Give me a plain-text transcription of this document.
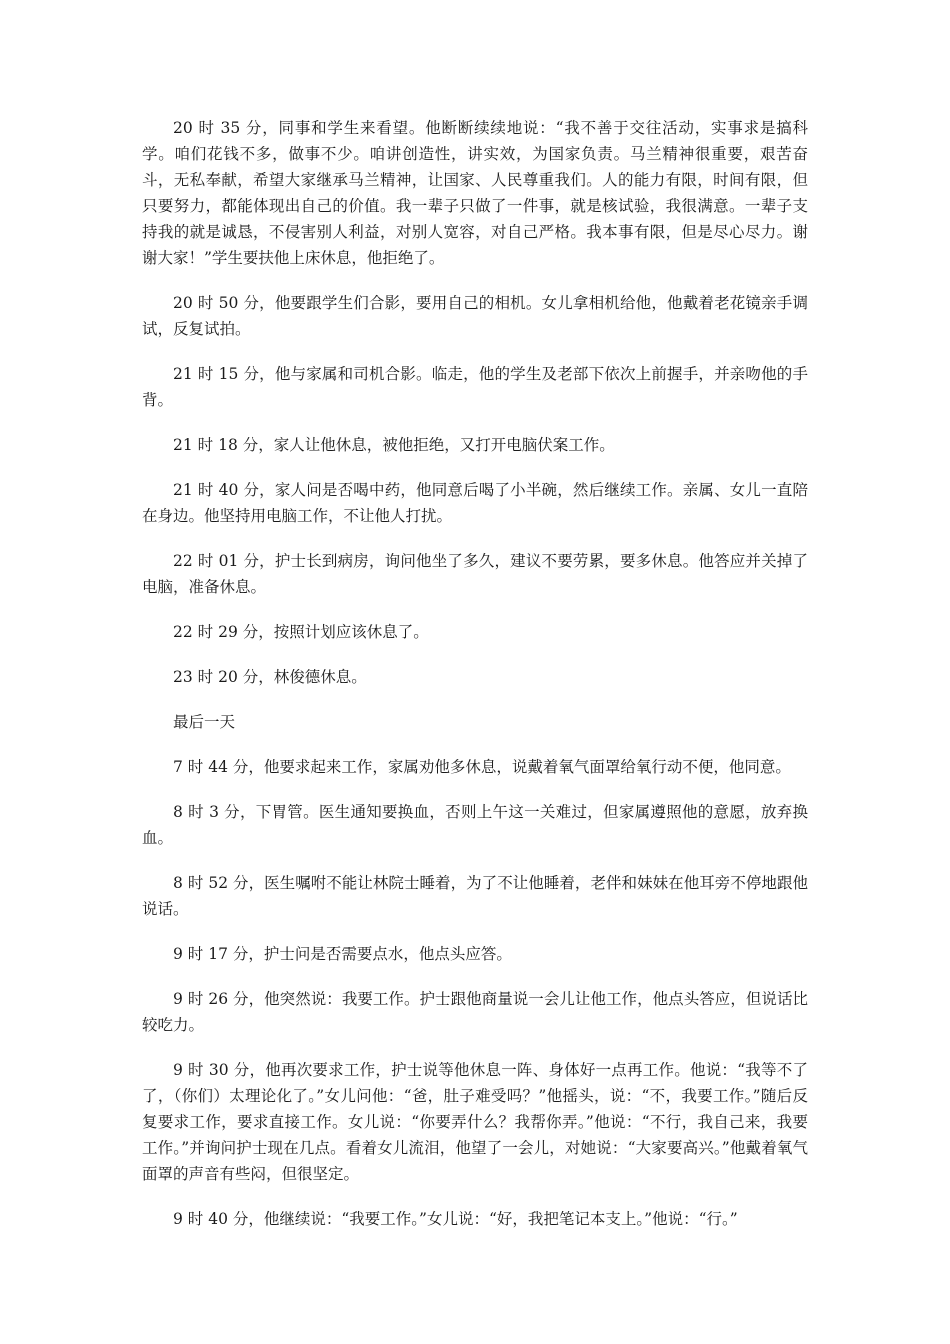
20 时 35 分，同事和学生来看望。他断断续续地说：“我不善于交往活动，实事求是搞科学。咱们花钱不多，做事不少。咱讲创造性，讲实效，为国家负责。马兰精神很重要，艰苦奋斗，无私奉献，希望大家继承马兰精神，让国家、人民尊重我们。人的能力有限，时间有限，但只要努力，都能体现出自己的价值。我一辈子只做了一件事，就是核试验，我很满意。一辈子支持我的就是诚恳，不侵害别人利益，对别人宽容，对自己严格。我本事有限，但是尽心尽力。谢谢大家！”学生要扶他上床休息，他拒绝了。

20 时 50 分，他要跟学生们合影，要用自己的相机。女儿拿相机给他，他戴着老花镜亲手调试，反复试拍。

21 时 15 分，他与家属和司机合影。临走，他的学生及老部下依次上前握手，并亲吻他的手背。

21 时 18 分，家人让他休息，被他拒绝，又打开电脑伏案工作。

21 时 40 分，家人问是否喝中药，他同意后喝了小半碗，然后继续工作。亲属、女儿一直陪在身边。他坚持用电脑工作，不让他人打扰。

22 时 01 分，护士长到病房，询问他坐了多久，建议不要劳累，要多休息。他答应并关掉了电脑，准备休息。

22 时 29 分，按照计划应该休息了。

23 时 20 分，林俊德休息。

最后一天

7 时 44 分，他要求起来工作，家属劝他多休息，说戴着氧气面罩给氧行动不便，他同意。

8 时 3 分，下胃管。医生通知要换血，否则上午这一关难过，但家属遵照他的意愿，放弃换血。

8 时 52 分，医生嘱咐不能让林院士睡着，为了不让他睡着，老伴和妹妹在他耳旁不停地跟他说话。

9 时 17 分，护士问是否需要点水，他点头应答。

9 时 26 分，他突然说：我要工作。护士跟他商量说一会儿让他工作，他点头答应，但说话比较吃力。

9 时 30 分，他再次要求工作，护士说等他休息一阵、身体好一点再工作。他说：“我等不了了，（你们）太理论化了。”女儿问他：“爸，肚子难受吗？”他摇头，说：“不，我要工作。”随后反复要求工作，要求直接工作。女儿说：“你要弄什么？我帮你弄。”他说：“不行，我自己来，我要工作。”并询问护士现在几点。看着女儿流泪，他望了一会儿，对她说：“大家要高兴。”他戴着氧气面罩的声音有些闷，但很坚定。

9 时 40 分，他继续说：“我要工作。”女儿说：“好，我把笔记本支上。”他说：“行。”
